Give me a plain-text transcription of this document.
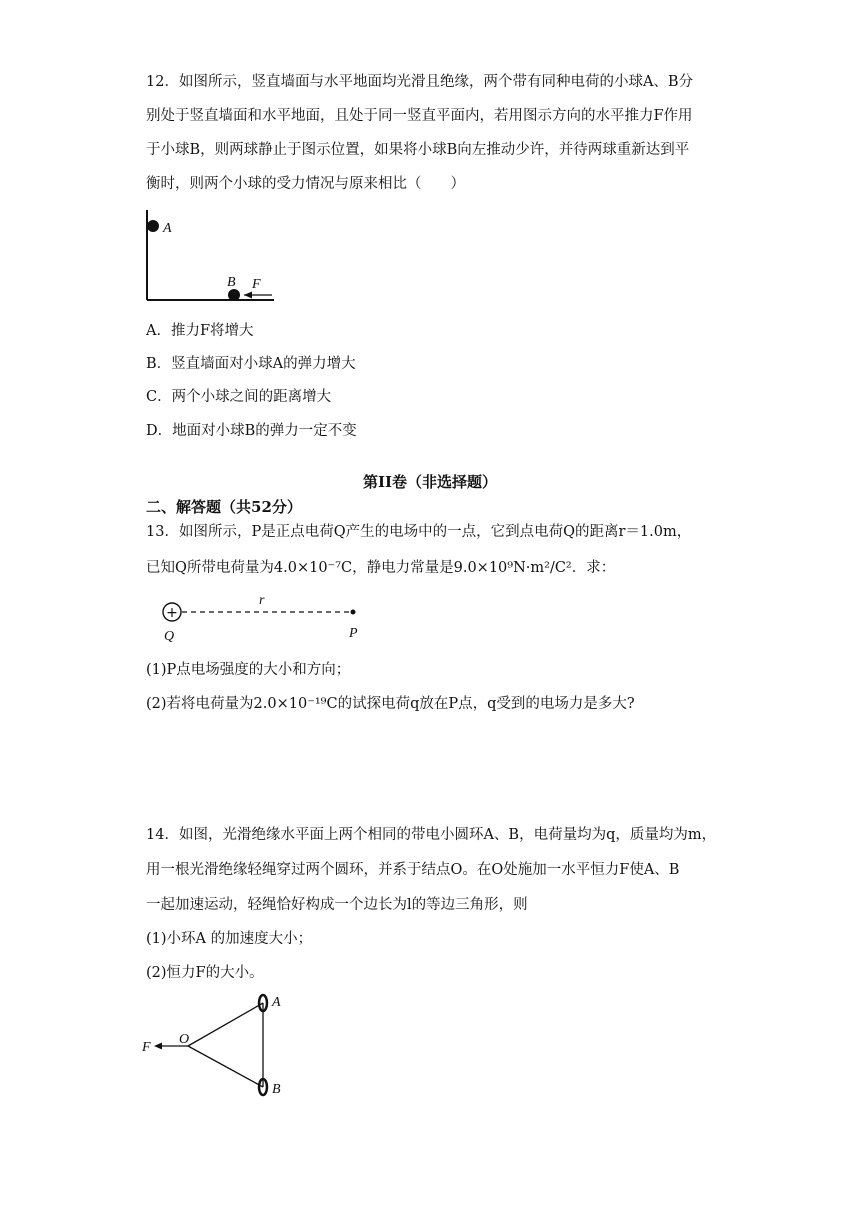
12．如图所示，竖直墙面与水平地面均光滑且绝缘，两个带有同种电荷的小球A、B分
别处于竖直墙面和水平地面，且处于同一竖直平面内，若用图示方向的水平推力F作用
于小球B，则两球静止于图示位置，如果将小球B向左推动少许，并待两球重新达到平
衡时，则两个小球的受力情况与原来相比（　　）
A
B F
A．推力F将增大
B．竖直墙面对小球A的弹力增大
C．两个小球之间的距离增大
D．地面对小球B的弹力一定不变
第II卷（非选择题）
二、解答题（共52分）
13．如图所示，P是正点电荷Q产生的电场中的一点，它到点电荷Q的距离r＝1.0m，
已知Q所带电荷量为4.0×10⁻⁷C，静电力常量是9.0×10⁹N·m²/C²．求：
+
r
Q	P
(1)P点电场强度的大小和方向；
(2)若将电荷量为2.0×10⁻¹⁹C的试探电荷q放在P点，q受到的电场力是多大?
14．如图，光滑绝缘水平面上两个相同的带电小圆环A、B，电荷量均为q，质量均为m，
用一根光滑绝缘轻绳穿过两个圆环，并系于结点O。在O处施加一水平恒力F使A、B
一起加速运动，轻绳恰好构成一个边长为l的等边三角形，则
(1)小环A 的加速度大小；
(2)恒力F的大小。
F
O
A
B
